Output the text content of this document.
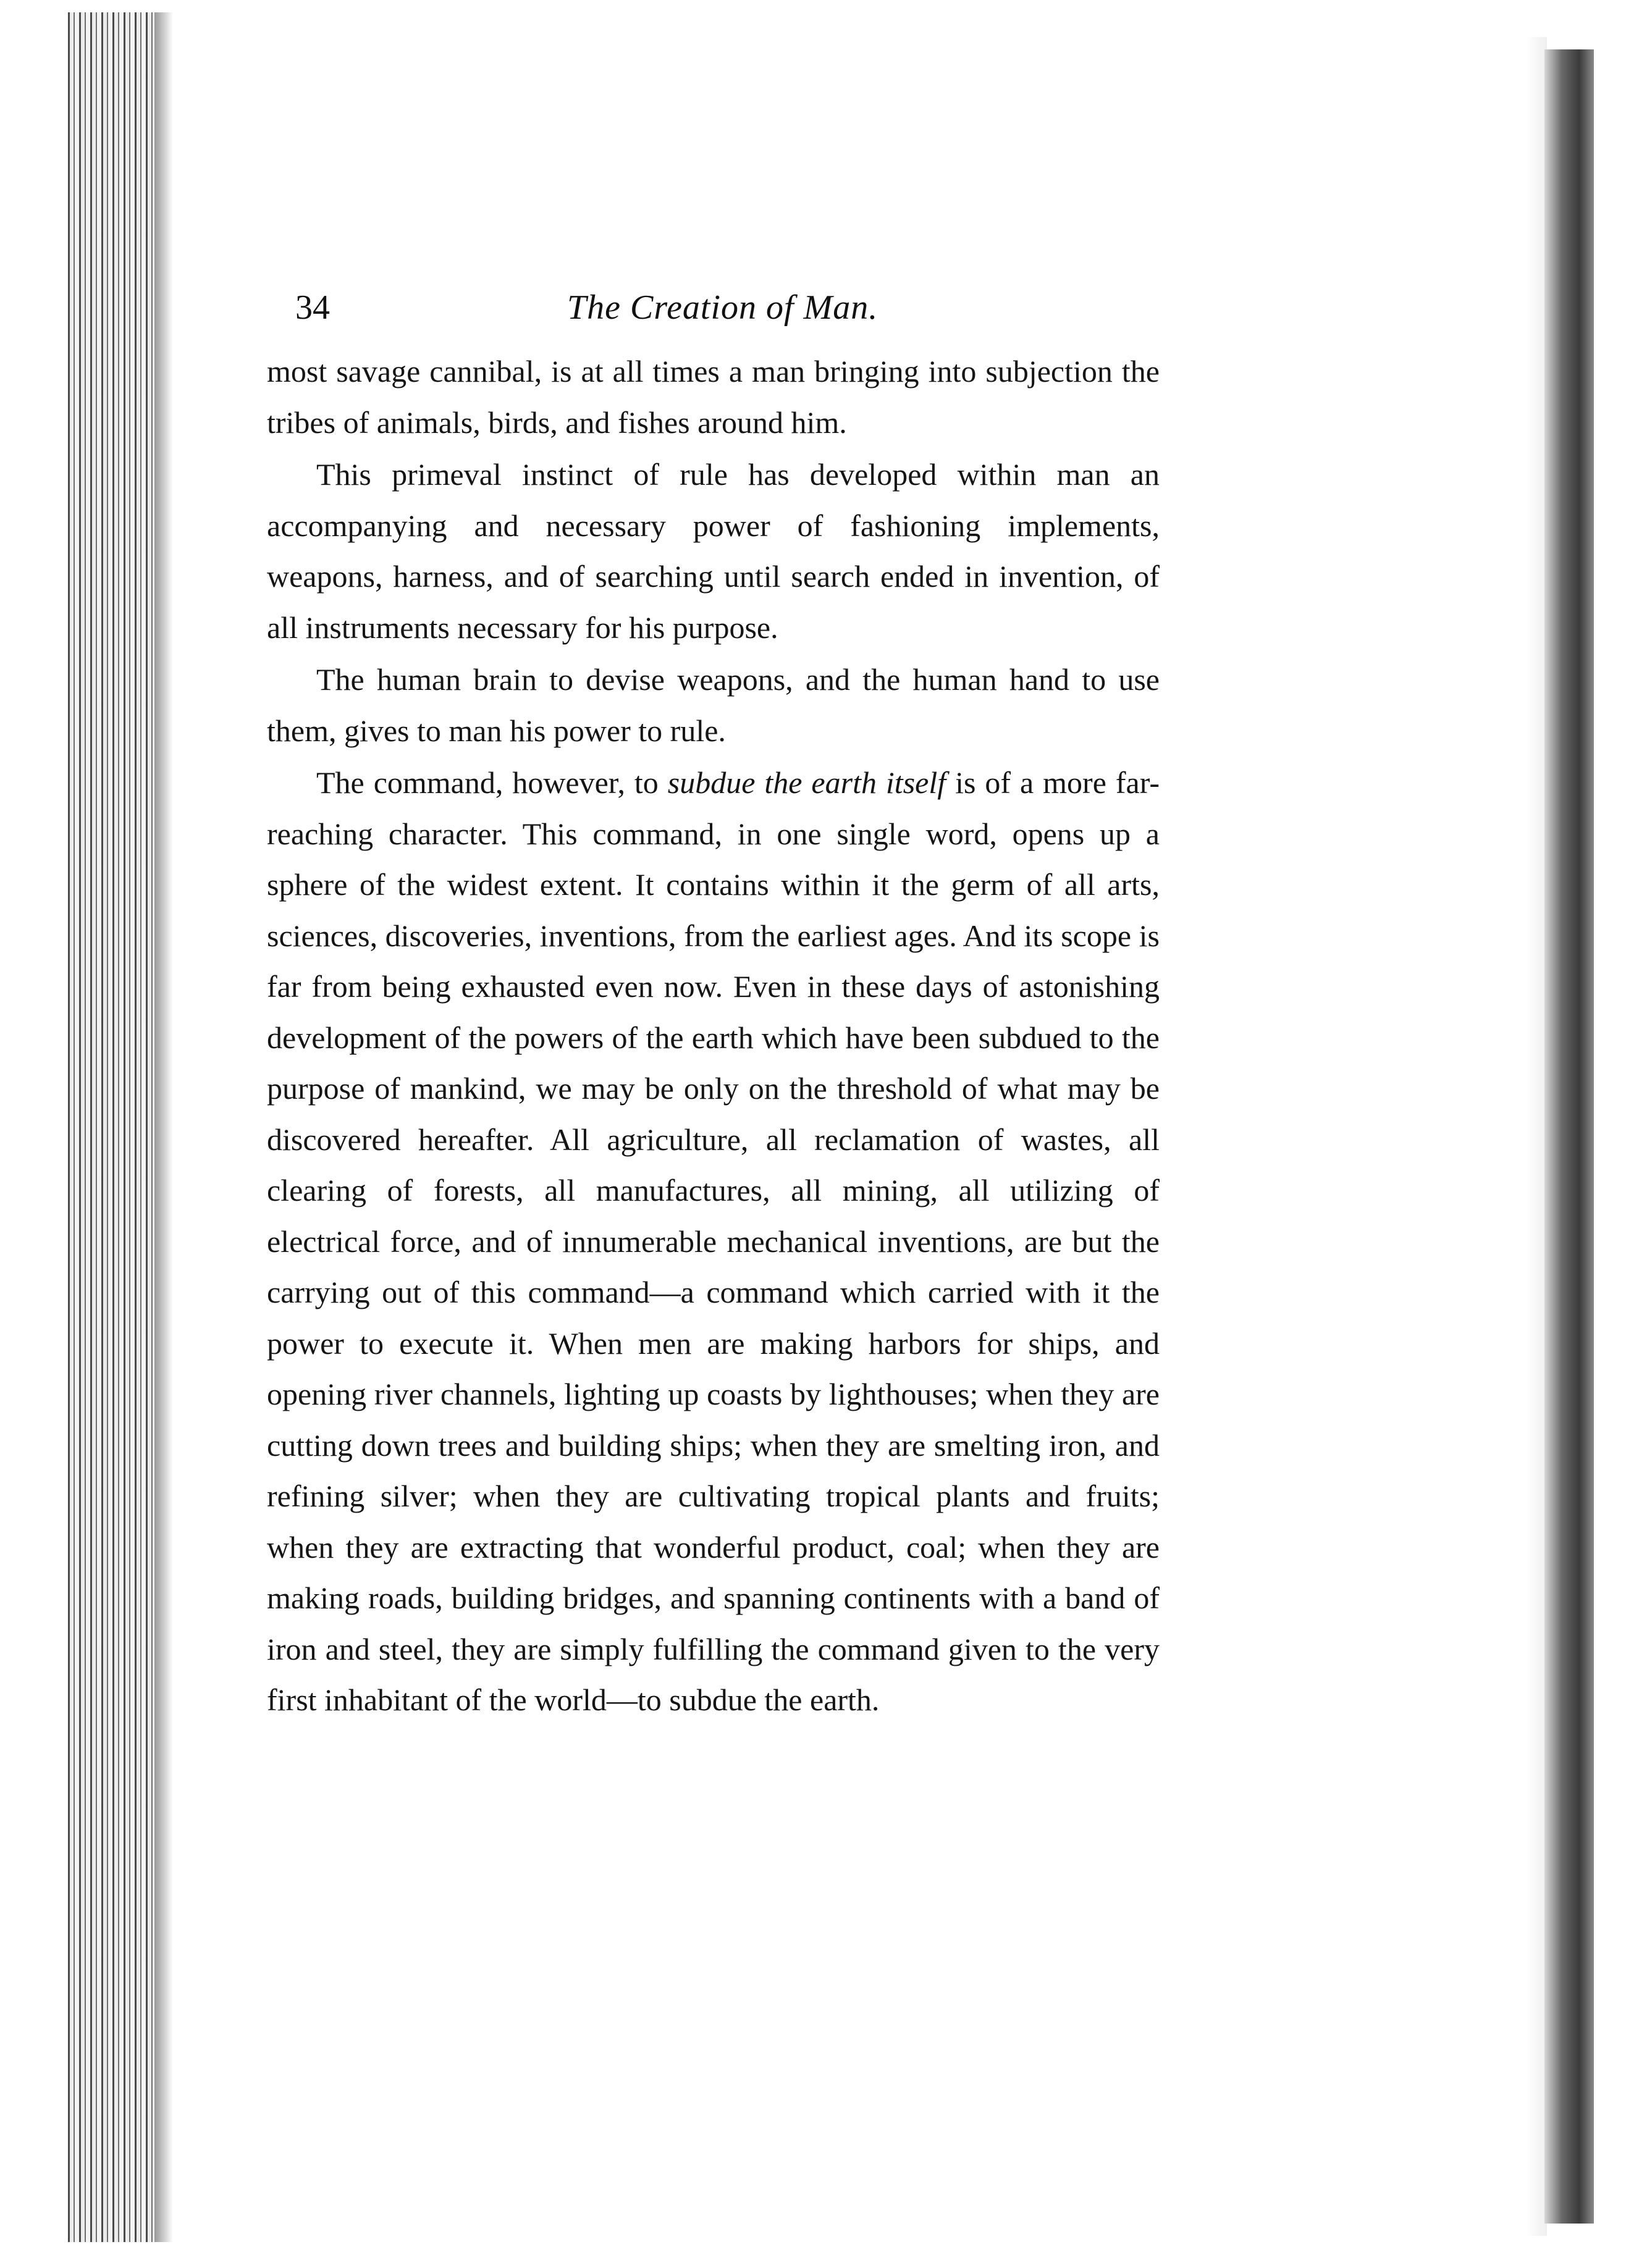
34	The Creation of Man.

most savage cannibal, is at all times a man bringing into subjection the tribes of animals, birds, and fishes around him.

This primeval instinct of rule has developed within man an accompanying and necessary power of fashioning implements, weapons, harness, and of searching until search ended in invention, of all instruments necessary for his purpose.

The human brain to devise weapons, and the human hand to use them, gives to man his power to rule.

The command, however, to subdue the earth itself is of a more far-reaching character. This command, in one single word, opens up a sphere of the widest extent. It contains within it the germ of all arts, sciences, discoveries, inventions, from the earliest ages. And its scope is far from being exhausted even now. Even in these days of astonishing development of the powers of the earth which have been subdued to the purpose of mankind, we may be only on the threshold of what may be discovered hereafter. All agriculture, all reclamation of wastes, all clearing of forests, all manufactures, all mining, all utilizing of electrical force, and of innumerable mechanical inventions, are but the carrying out of this command—a command which carried with it the power to execute it. When men are making harbors for ships, and opening river channels, lighting up coasts by lighthouses; when they are cutting down trees and building ships; when they are smelting iron, and refining silver; when they are cultivating tropical plants and fruits; when they are extracting that wonderful product, coal; when they are making roads, building bridges, and spanning continents with a band of iron and steel, they are simply fulfilling the command given to the very first inhabitant of the world—to subdue the earth.
